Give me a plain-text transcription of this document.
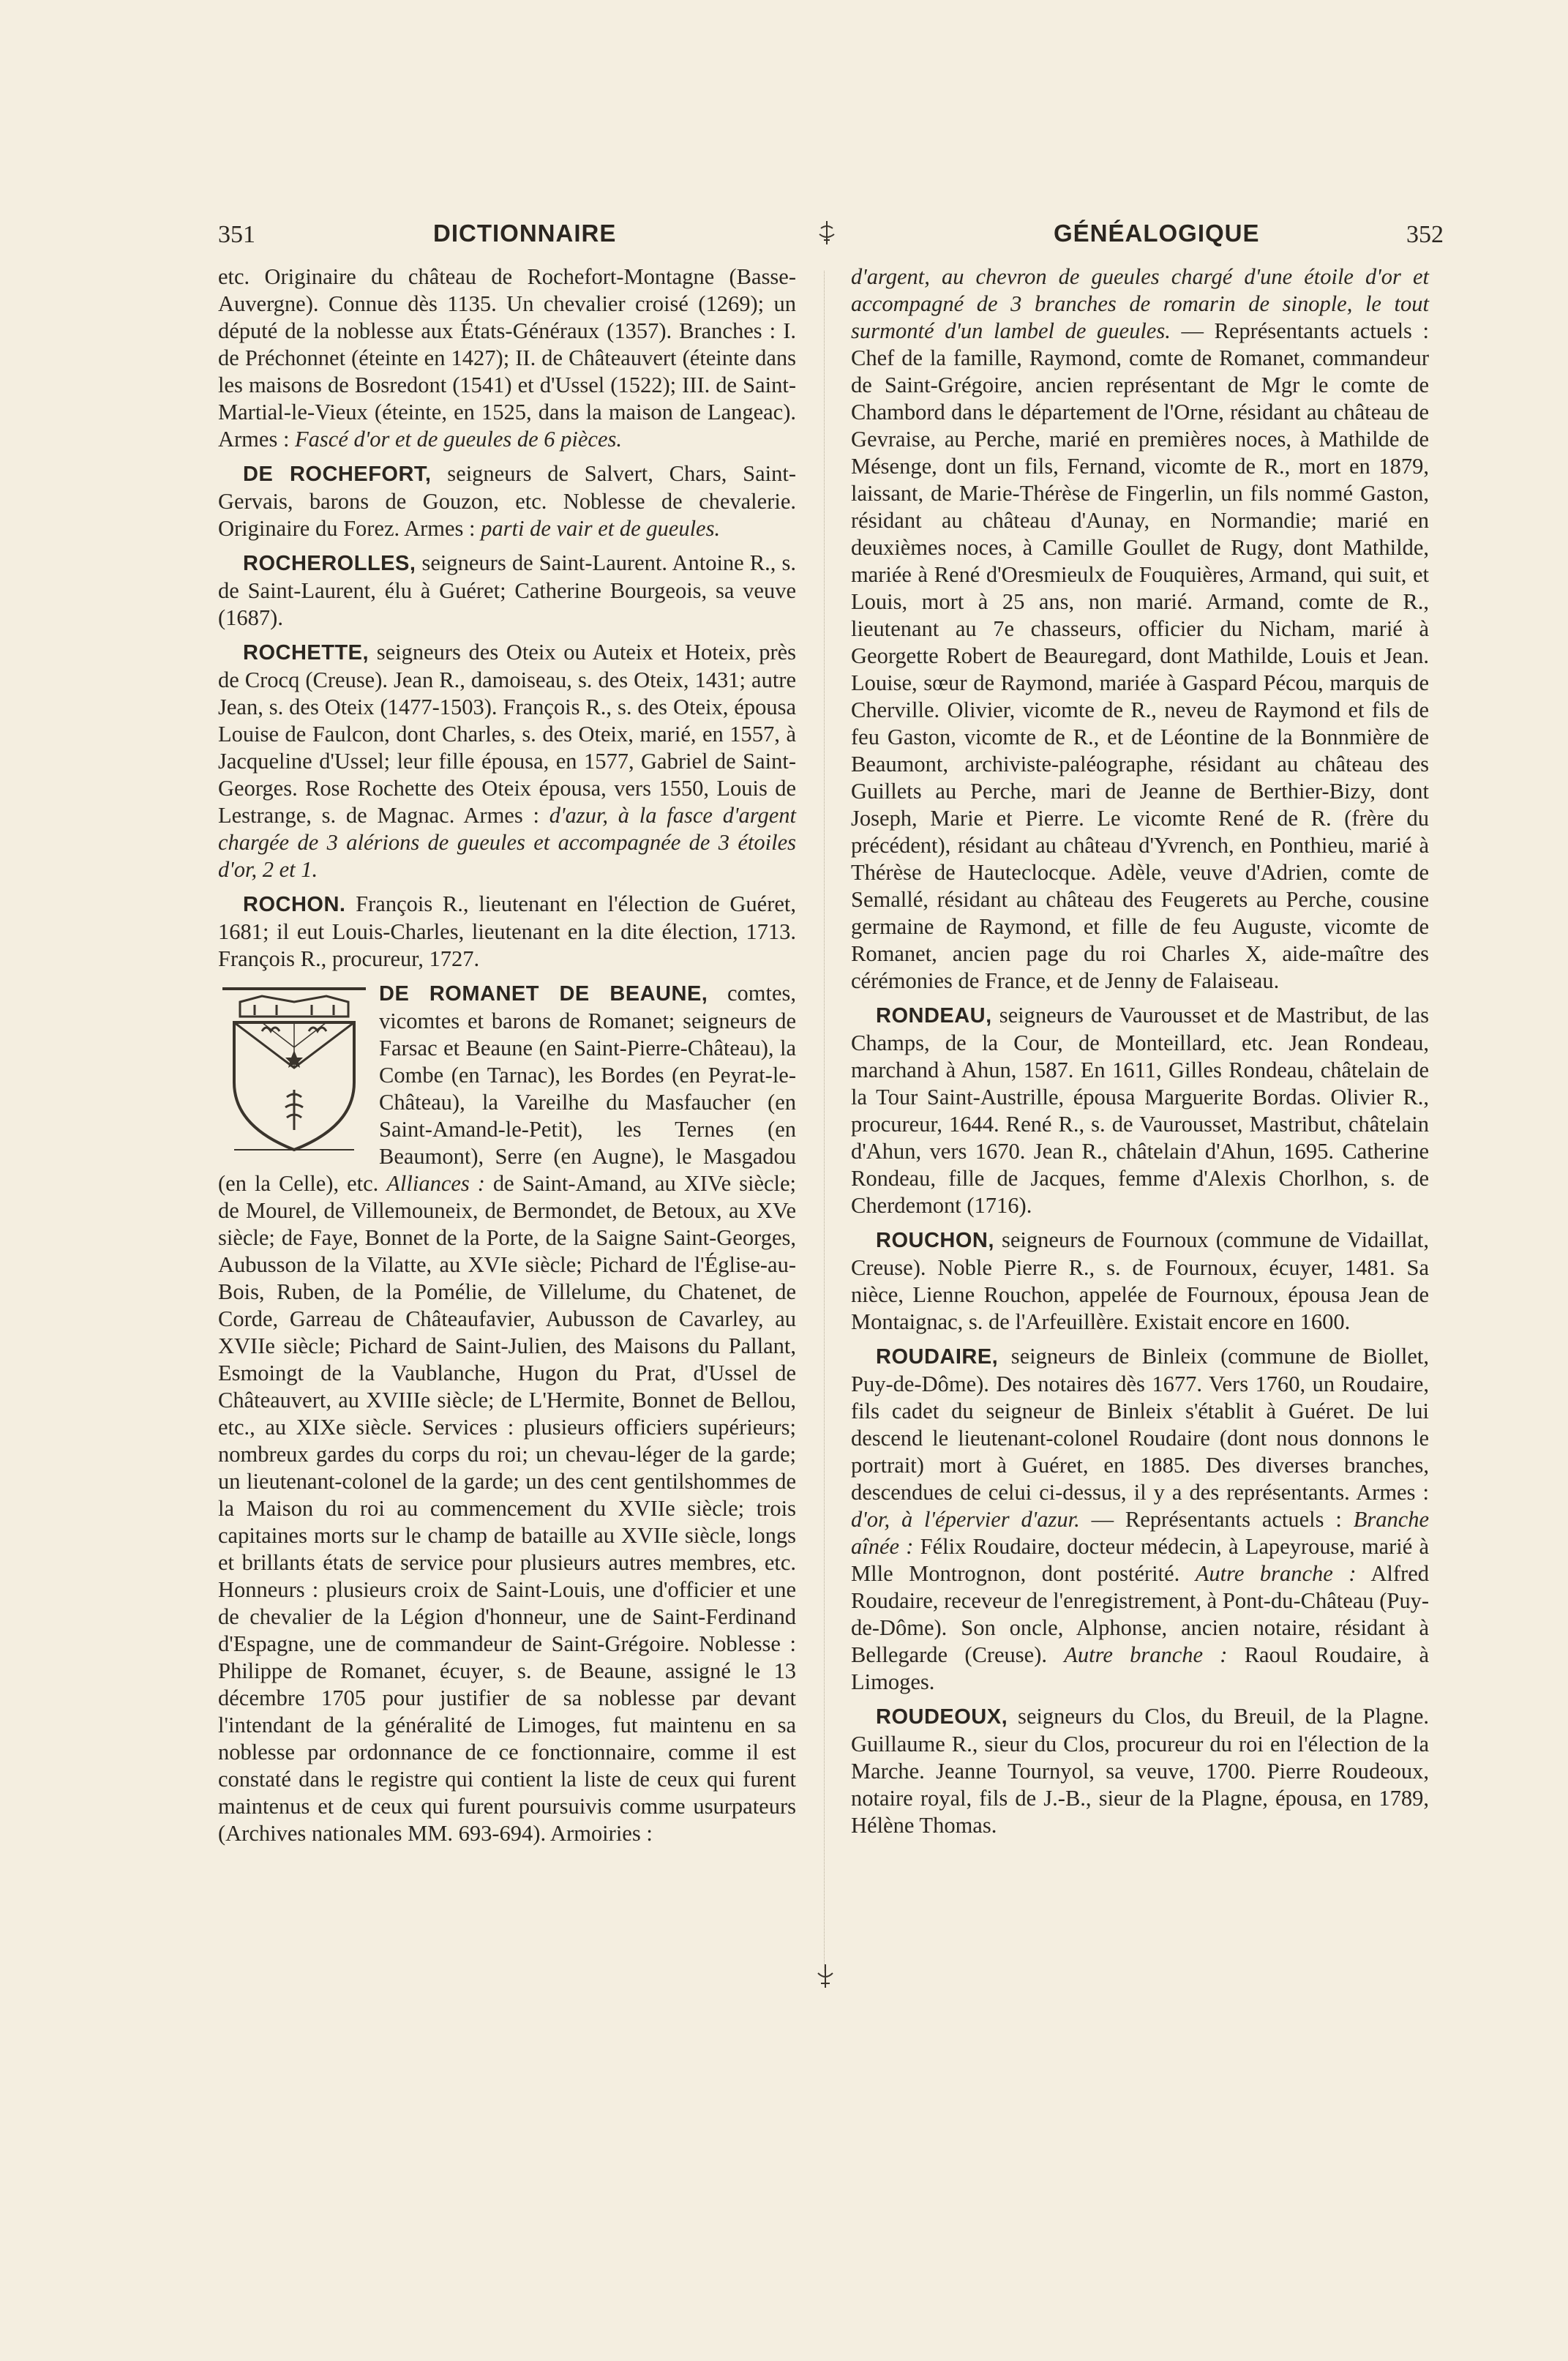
351	DICTIONNAIRE	GÉNÉALOGIQUE	352

etc. Originaire du château de Rochefort-Montagne (Basse-Auvergne). Connue dès 1135. Un chevalier croisé (1269); un député de la noblesse aux États-Généraux (1357). Branches : I. de Préchonnet (éteinte en 1427); II. de Châteauvert (éteinte dans les maisons de Bosredont (1541) et d'Ussel (1522); III. de Saint-Martial-le-Vieux (éteinte, en 1525, dans la maison de Langeac). Armes : Fascé d'or et de gueules de 6 pièces.

DE ROCHEFORT, seigneurs de Salvert, Chars, Saint-Gervais, barons de Gouzon, etc. Noblesse de chevalerie. Originaire du Forez. Armes : parti de vair et de gueules.

ROCHEROLLES, seigneurs de Saint-Laurent. Antoine R., s. de Saint-Laurent, élu à Guéret; Catherine Bourgeois, sa veuve (1687).

ROCHETTE, seigneurs des Oteix ou Auteix et Hoteix, près de Crocq (Creuse). Jean R., damoiseau, s. des Oteix, 1431; autre Jean, s. des Oteix (1477-1503). François R., s. des Oteix, épousa Louise de Faulcon, dont Charles, s. des Oteix, marié, en 1557, à Jacqueline d'Ussel; leur fille épousa, en 1577, Gabriel de Saint-Georges. Rose Rochette des Oteix épousa, vers 1550, Louis de Lestrange, s. de Magnac. Armes : d'azur, à la fasce d'argent chargée de 3 alérions de gueules et accompagnée de 3 étoiles d'or, 2 et 1.

ROCHON. François R., lieutenant en l'élection de Guéret, 1681; il eut Louis-Charles, lieutenant en la dite élection, 1713. François R., procureur, 1727.

DE ROMANET DE BEAUNE, comtes, vicomtes et barons de Romanet; seigneurs de Farsac et Beaune (en Saint-Pierre-Château), la Combe (en Tarnac), les Bordes (en Peyrat-le-Château), la Vareilhe du Masfaucher (en Saint-Amand-le-Petit), les Ternes (en Beaumont), Serre (en Augne), le Masgadou (en la Celle), etc. Alliances : de Saint-Amand, au XIVe siècle; de Mourel, de Villemouneix, de Bermondet, de Betoux, au XVe siècle; de Faye, Bonnet de la Porte, de la Saigne Saint-Georges, Aubusson de la Vilatte, au XVIe siècle; Pichard de l'Église-au-Bois, Ruben, de la Pomélie, de Villelume, du Chatenet, de Corde, Garreau de Châteaufavier, Aubusson de Cavarley, au XVIIe siècle; Pichard de Saint-Julien, des Maisons du Pallant, Esmoingt de la Vaublanche, Hugon du Prat, d'Ussel de Châteauvert, au XVIIIe siècle; de L'Hermite, Bonnet de Bellou, etc., au XIXe siècle. Services : plusieurs officiers supérieurs; nombreux gardes du corps du roi; un chevau-léger de la garde; un lieutenant-colonel de la garde; un des cent gentilshommes de la Maison du roi au commencement du XVIIe siècle; trois capitaines morts sur le champ de bataille au XVIIe siècle, longs et brillants états de service pour plusieurs autres membres, etc. Honneurs : plusieurs croix de Saint-Louis, une d'officier et une de chevalier de la Légion d'honneur, une de Saint-Ferdinand d'Espagne, une de commandeur de Saint-Grégoire. Noblesse : Philippe de Romanet, écuyer, s. de Beaune, assigné le 13 décembre 1705 pour justifier de sa noblesse par devant l'intendant de la généralité de Limoges, fut maintenu en sa noblesse par ordonnance de ce fonctionnaire, comme il est constaté dans le registre qui contient la liste de ceux qui furent maintenus et de ceux qui furent poursuivis comme usurpateurs (Archives nationales MM. 693-694). Armoiries :

d'argent, au chevron de gueules chargé d'une étoile d'or et accompagné de 3 branches de romarin de sinople, le tout surmonté d'un lambel de gueules. — Représentants actuels : Chef de la famille, Raymond, comte de Romanet, commandeur de Saint-Grégoire, ancien représentant de Mgr le comte de Chambord dans le département de l'Orne, résidant au château de Gevraise, au Perche, marié en premières noces, à Mathilde de Mésenge, dont un fils, Fernand, vicomte de R., mort en 1879, laissant, de Marie-Thérèse de Fingerlin, un fils nommé Gaston, résidant au château d'Aunay, en Normandie; marié en deuxièmes noces, à Camille Goullet de Rugy, dont Mathilde, mariée à René d'Oresmieulx de Fouquières, Armand, qui suit, et Louis, mort à 25 ans, non marié. Armand, comte de R., lieutenant au 7e chasseurs, officier du Nicham, marié à Georgette Robert de Beauregard, dont Mathilde, Louis et Jean. Louise, sœur de Raymond, mariée à Gaspard Pécou, marquis de Cherville. Olivier, vicomte de R., neveu de Raymond et fils de feu Gaston, vicomte de R., et de Léontine de la Bonnmière de Beaumont, archiviste-paléographe, résidant au château des Guillets au Perche, mari de Jeanne de Berthier-Bizy, dont Joseph, Marie et Pierre. Le vicomte René de R. (frère du précédent), résidant au château d'Yvrench, en Ponthieu, marié à Thérèse de Hauteclocque. Adèle, veuve d'Adrien, comte de Semallé, résidant au château des Feugerets au Perche, cousine germaine de Raymond, et fille de feu Auguste, vicomte de Romanet, ancien page du roi Charles X, aide-maître des cérémonies de France, et de Jenny de Falaiseau.

RONDEAU, seigneurs de Vaurousset et de Mastribut, de las Champs, de la Cour, de Monteillard, etc. Jean Rondeau, marchand à Ahun, 1587. En 1611, Gilles Rondeau, châtelain de la Tour Saint-Austrille, épousa Marguerite Bordas. Olivier R., procureur, 1644. René R., s. de Vaurousset, Mastribut, châtelain d'Ahun, vers 1670. Jean R., châtelain d'Ahun, 1695. Catherine Rondeau, fille de Jacques, femme d'Alexis Chorlhon, s. de Cherdemont (1716).

ROUCHON, seigneurs de Fournoux (commune de Vidaillat, Creuse). Noble Pierre R., s. de Fournoux, écuyer, 1481. Sa nièce, Lienne Rouchon, appelée de Fournoux, épousa Jean de Montaignac, s. de l'Arfeuillère. Existait encore en 1600.

ROUDAIRE, seigneurs de Binleix (commune de Biollet, Puy-de-Dôme). Des notaires dès 1677. Vers 1760, un Roudaire, fils cadet du seigneur de Binleix s'établit à Guéret. De lui descend le lieutenant-colonel Roudaire (dont nous donnons le portrait) mort à Guéret, en 1885. Des diverses branches, descendues de celui ci-dessus, il y a des représentants. Armes : d'or, à l'épervier d'azur. — Représentants actuels : Branche aînée : Félix Roudaire, docteur médecin, à Lapeyrouse, marié à Mlle Montrognon, dont postérité. Autre branche : Alfred Roudaire, receveur de l'enregistrement, à Pont-du-Château (Puy-de-Dôme). Son oncle, Alphonse, ancien notaire, résidant à Bellegarde (Creuse). Autre branche : Raoul Roudaire, à Limoges.

ROUDEOUX, seigneurs du Clos, du Breuil, de la Plagne. Guillaume R., sieur du Clos, procureur du roi en l'élection de la Marche. Jeanne Tournyol, sa veuve, 1700. Pierre Roudeoux, notaire royal, fils de J.-B., sieur de la Plagne, épousa, en 1789, Hélène Thomas.
